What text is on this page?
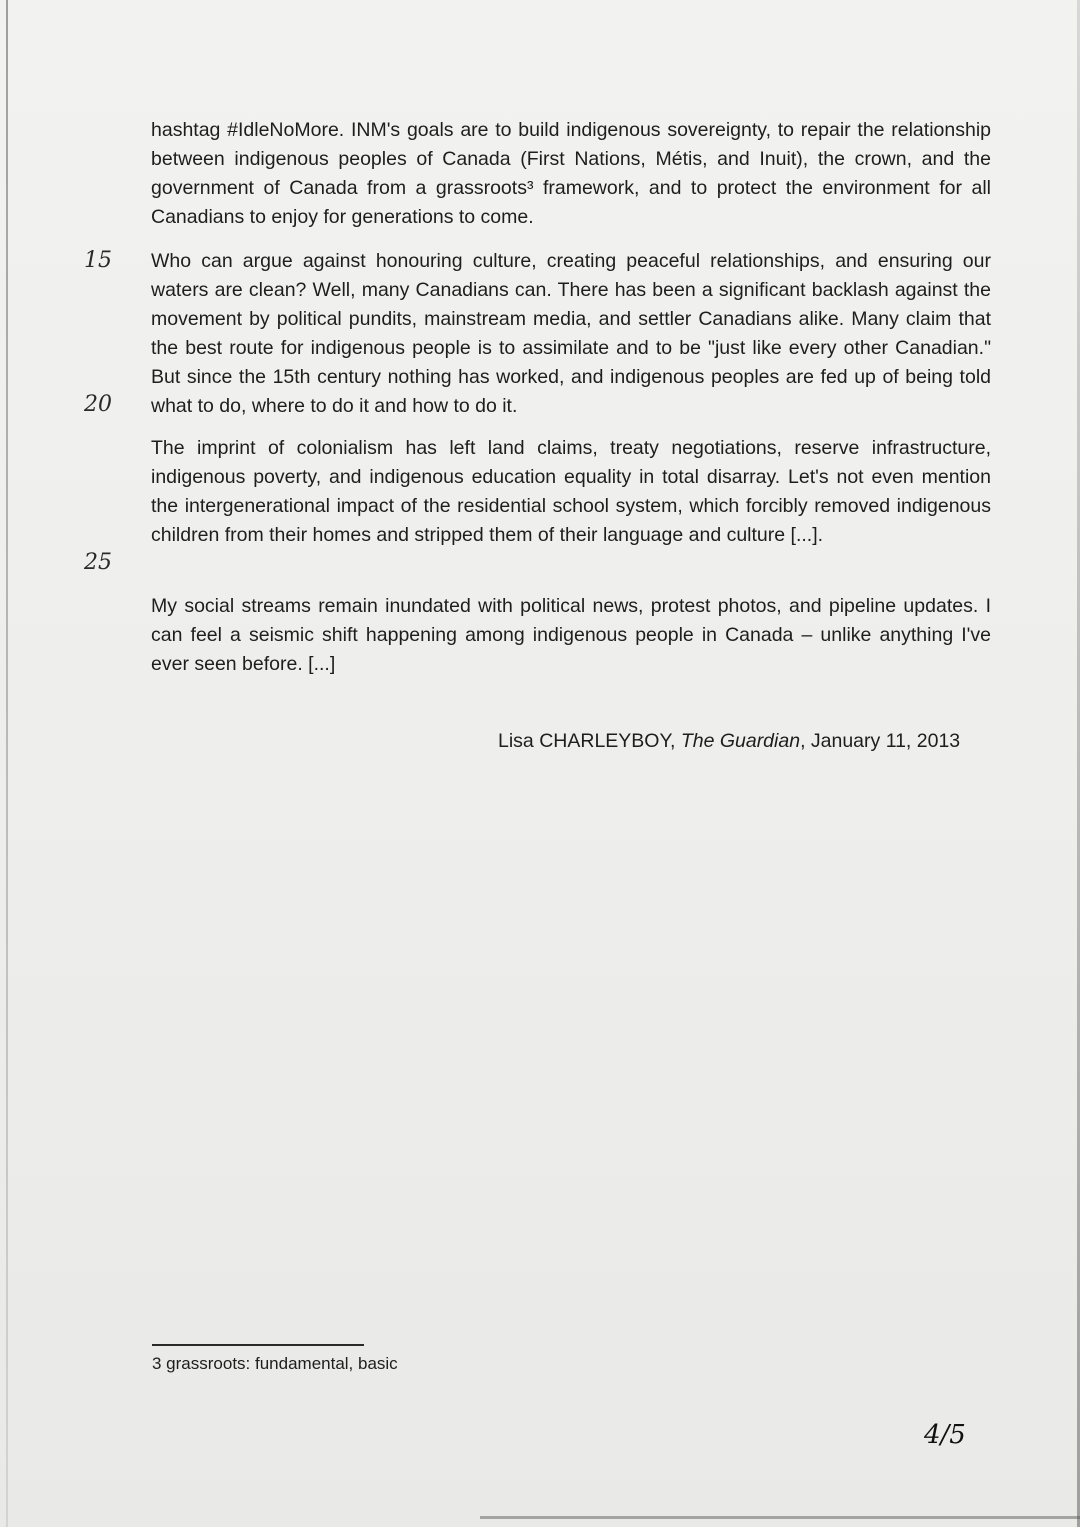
hashtag #IdleNoMore. INM's goals are to build indigenous sovereignty, to repair the relationship between indigenous peoples of Canada (First Nations, Métis, and Inuit), the crown, and the government of Canada from a grassroots³ framework, and to protect the environment for all Canadians to enjoy for generations to come.

15 Who can argue against honouring culture, creating peaceful relationships, and ensuring our waters are clean? Well, many Canadians can. There has been a significant backlash against the movement by political pundits, mainstream media, and settler Canadians alike. Many claim that the best route for indigenous people is to assimilate and to be "just like every other Canadian." But since the 15th century nothing has worked, and indigenous peoples are fed up of being told what to do, where to do it and how to do it.

20

The imprint of colonialism has left land claims, treaty negotiations, reserve infrastructure, indigenous poverty, and indigenous education equality in total disarray. Let's not even mention the intergenerational impact of the residential school system, which forcibly removed indigenous children from their homes and stripped them of their language and culture [...].

25

My social streams remain inundated with political news, protest photos, and pipeline updates. I can feel a seismic shift happening among indigenous people in Canada – unlike anything I've ever seen before. [...]

Lisa CHARLEYBOY, The Guardian, January 11, 2013

3 grassroots: fundamental, basic

4/5
